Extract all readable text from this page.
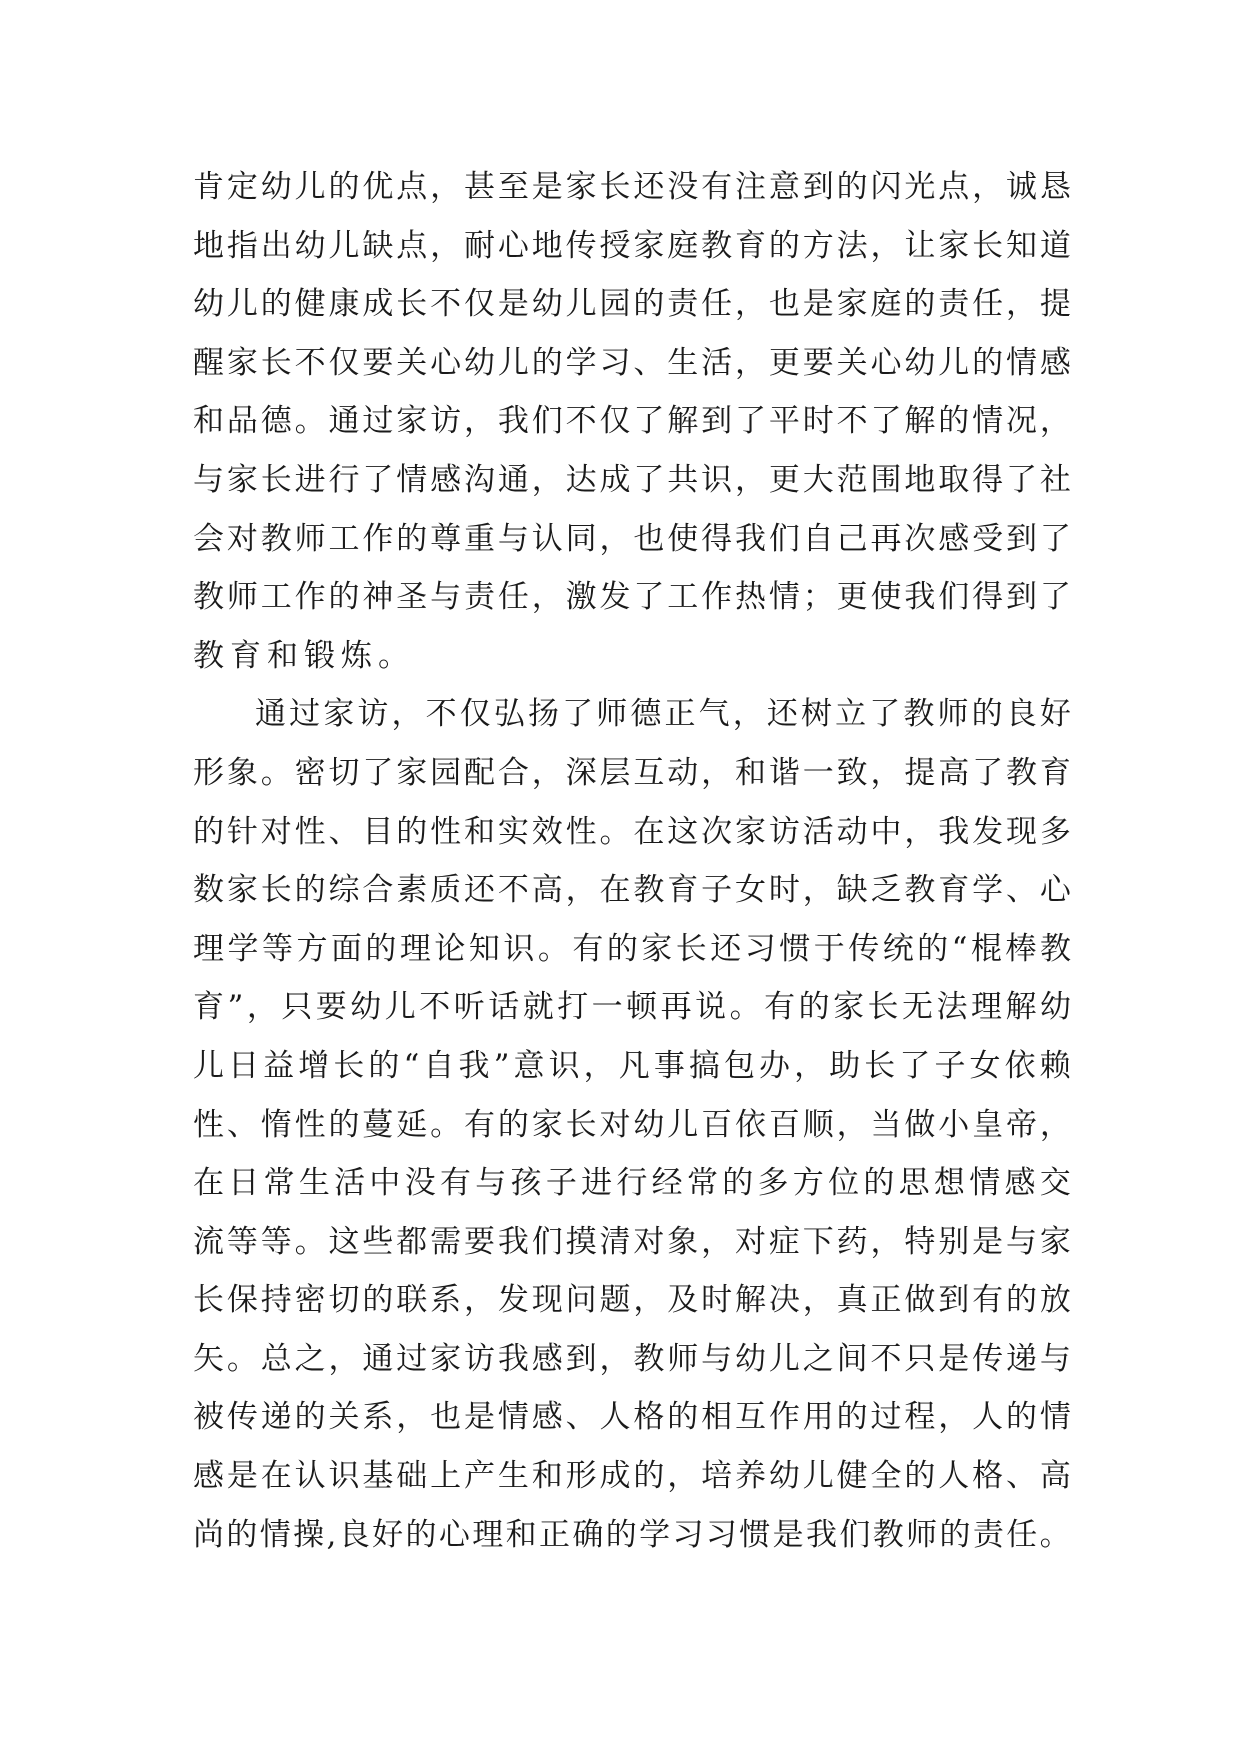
肯 定 幼 儿 的 优 点 ， 甚 至 是 家 长 还 没 有 注 意 到 的 闪 光 点 ， 诚 恳
地 指 出 幼 儿 缺 点 ， 耐 心 地 传 授 家 庭 教 育 的 方 法 ， 让 家 长 知 道
幼 儿 的 健 康 成 长 不 仅 是 幼 儿 园 的 责 任 ， 也 是 家 庭 的 责 任 ， 提
醒 家 长 不 仅 要 关 心 幼 儿 的 学 习 、 生 活 ， 更 要 关 心 幼 儿 的 情 感
和 品 德 。 通 过 家 访 ， 我 们 不 仅 了 解 到 了 平 时 不 了 解 的 情 况 ，
与 家 长 进 行 了 情 感 沟 通 ， 达 成 了 共 识 ， 更 大 范 围 地 取 得 了 社
会 对 教 师 工 作 的 尊 重 与 认 同 ， 也 使 得 我 们 自 己 再 次 感 受 到 了
教 师 工 作 的 神 圣 与 责 任 ， 激 发 了 工 作 热 情 ； 更 使 我 们 得 到 了
教 育 和 锻 炼 。
通 过 家 访 ， 不 仅 弘 扬 了 师 德 正 气 ， 还 树 立 了 教 师 的 良 好
形 象 。 密 切 了 家 园 配 合 ， 深 层 互 动 ， 和 谐 一 致 ， 提 高 了 教 育
的 针 对 性 、 目 的 性 和 实 效 性 。 在 这 次 家 访 活 动 中 ， 我 发 现 多
数 家 长 的 综 合 素 质 还 不 高 ， 在 教 育 子 女 时 ， 缺 乏 教 育 学 、 心
理 学 等 方 面 的 理 论 知 识 。 有 的 家 长 还 习 惯 于 传 统 的 “ 棍 棒 教
育 ” ， 只 要 幼 儿 不 听 话 就 打 一 顿 再 说 。 有 的 家 长 无 法 理 解 幼
儿 日 益 增 长 的 “ 自 我 ” 意 识 ， 凡 事 搞 包 办 ， 助 长 了 子 女 依 赖
性 、 惰 性 的 蔓 延 。 有 的 家 长 对 幼 儿 百 依 百 顺 ， 当 做 小 皇 帝 ，
在 日 常 生 活 中 没 有 与 孩 子 进 行 经 常 的 多 方 位 的 思 想 情 感 交
流 等 等 。 这 些 都 需 要 我 们 摸 清 对 象 ， 对 症 下 药 ， 特 别 是 与 家
长 保 持 密 切 的 联 系 ， 发 现 问 题 ， 及 时 解 决 ， 真 正 做 到 有 的 放
矢 。 总 之 ， 通 过 家 访 我 感 到 ， 教 师 与 幼 儿 之 间 不 只 是 传 递 与
被 传 递 的 关 系 ， 也 是 情 感 、 人 格 的 相 互 作 用 的 过 程 ， 人 的 情
感 是 在 认 识 基 础 上 产 生 和 形 成 的 ， 培 养 幼 儿 健 全 的 人 格 、 高
尚 的 情 操 , 良 好 的 心 理 和 正 确 的 学 习 习 惯 是 我 们 教 师 的 责 任 。
